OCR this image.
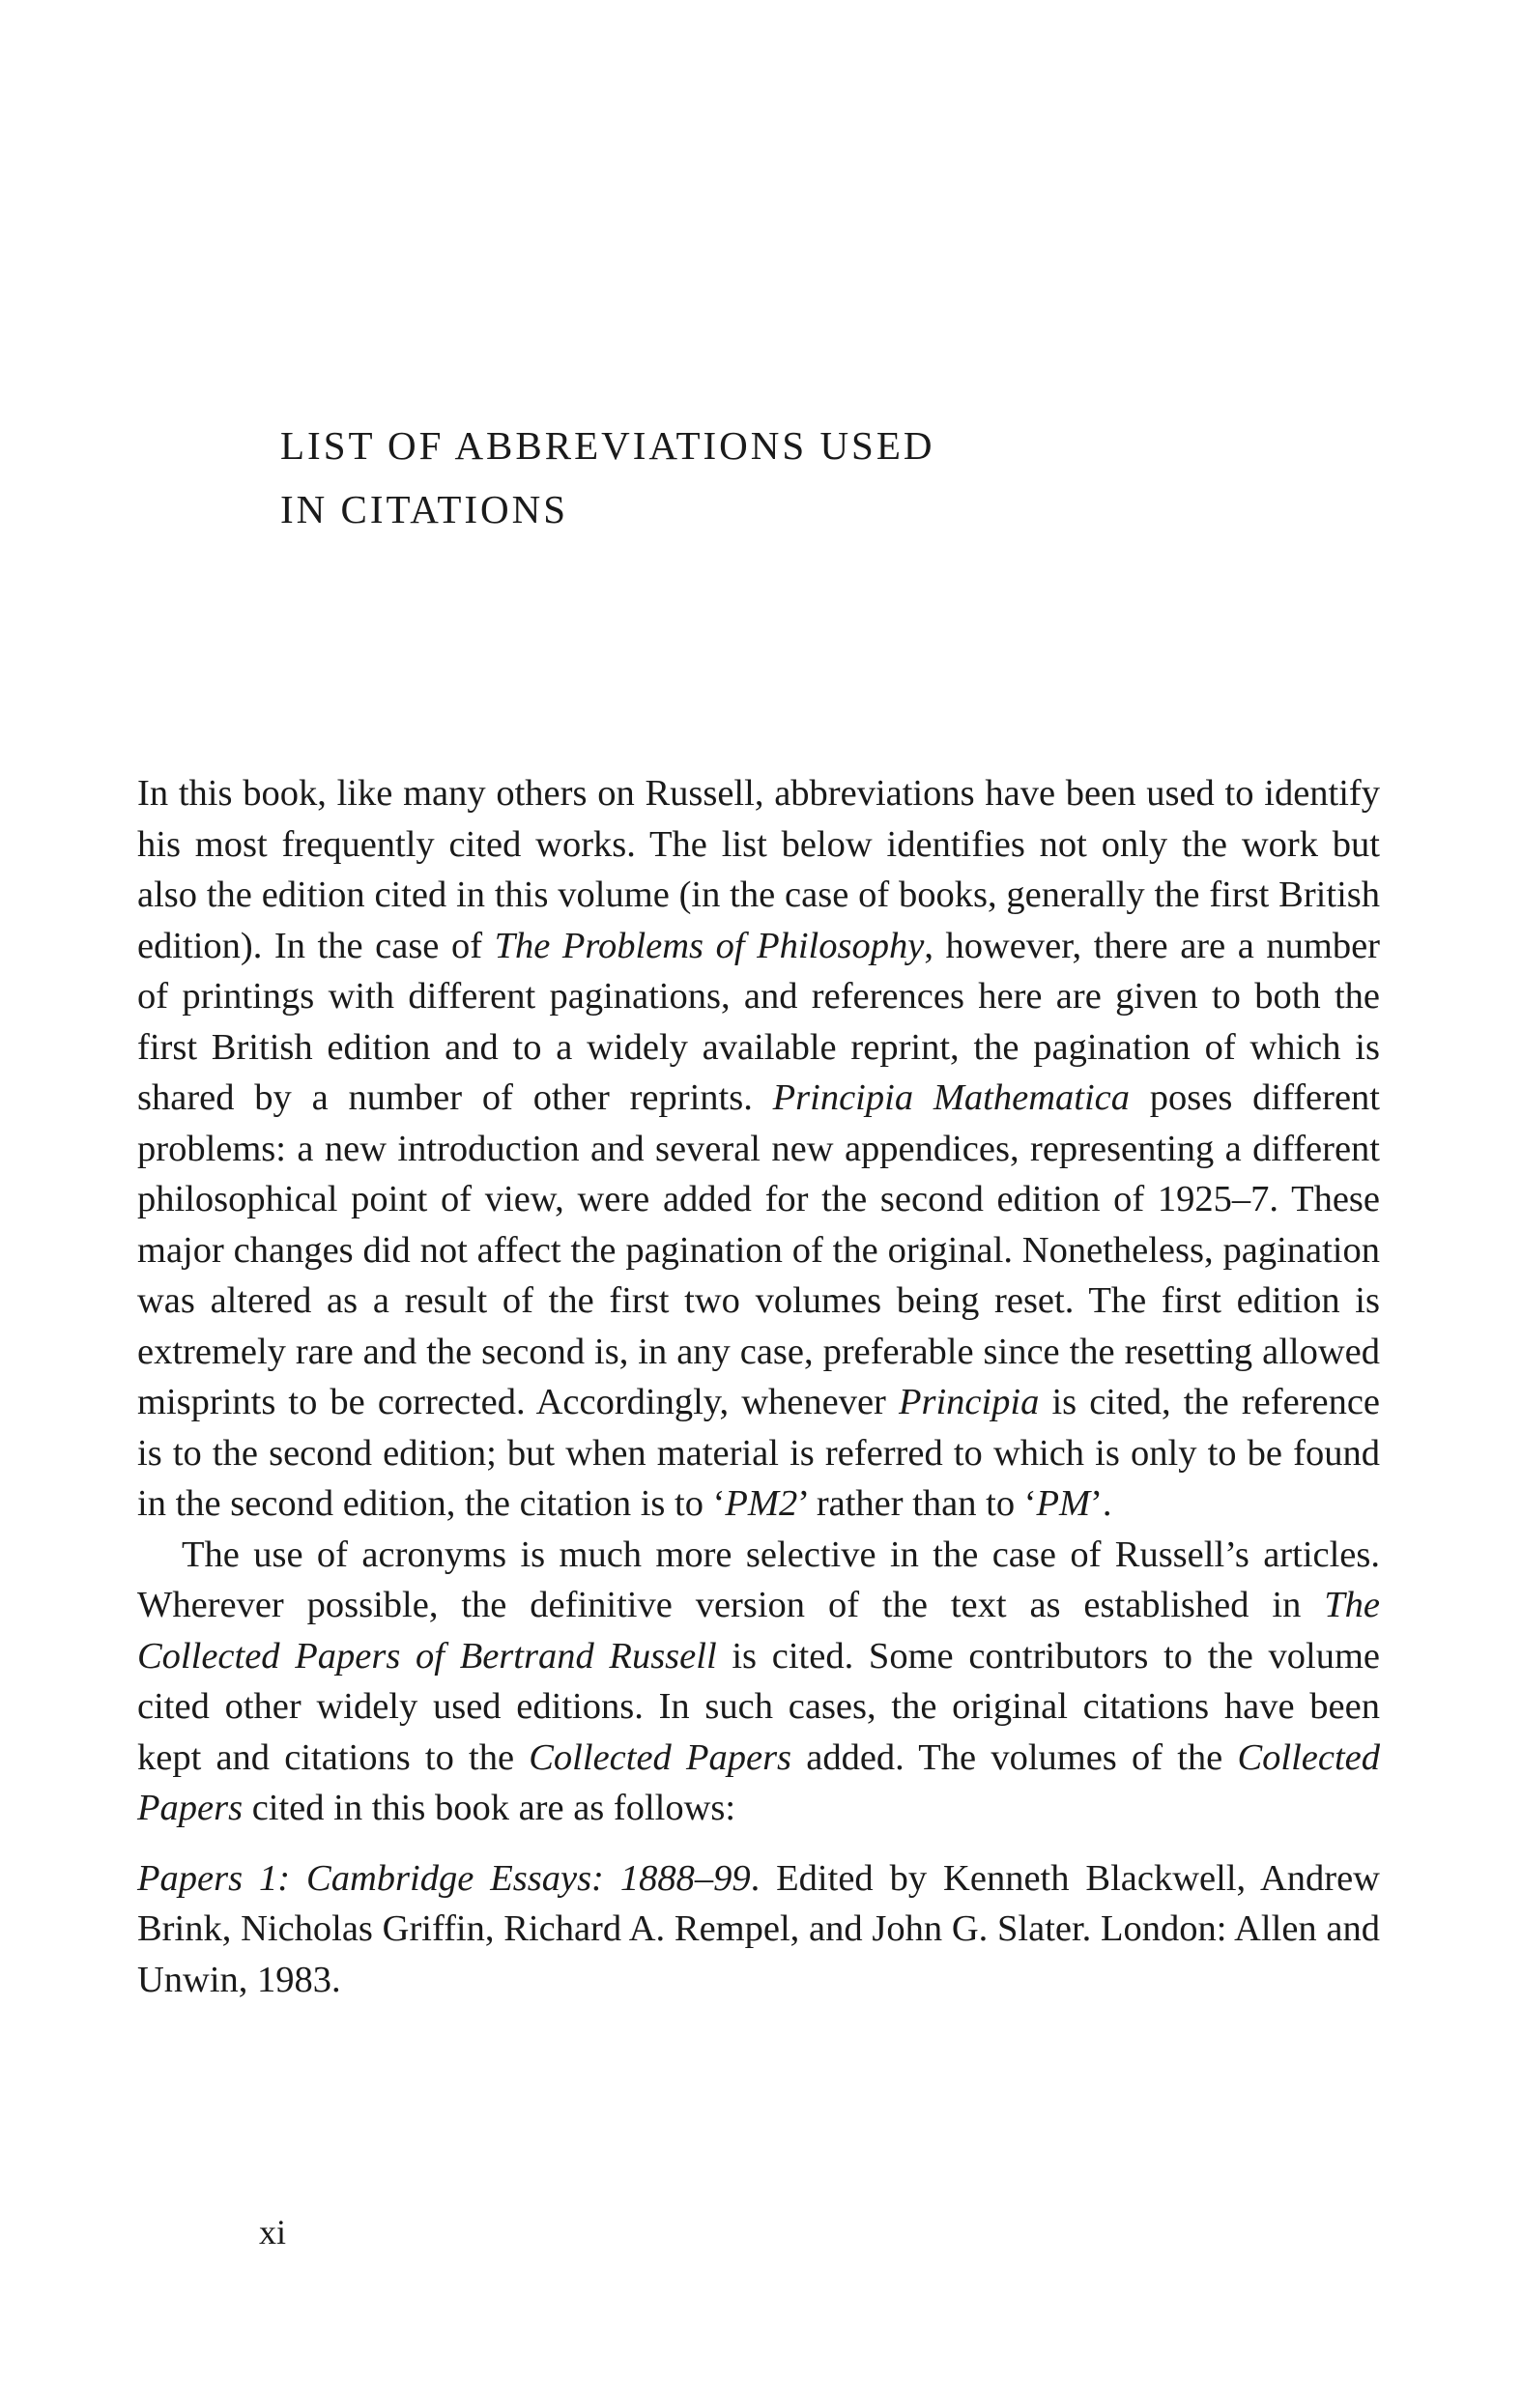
LIST OF ABBREVIATIONS USED
IN CITATIONS

In this book, like many others on Russell, abbreviations have been used to identify his most frequently cited works. The list below identifies not only the work but also the edition cited in this volume (in the case of books, generally the first British edition). In the case of The Problems of Philosophy, however, there are a number of printings with different paginations, and references here are given to both the first British edition and to a widely available reprint, the pagination of which is shared by a number of other reprints. Principia Mathematica poses different problems: a new introduction and several new appendices, representing a different philosophical point of view, were added for the second edition of 1925–7. These major changes did not affect the pagination of the original. Nonetheless, pagination was altered as a result of the first two volumes being reset. The first edition is extremely rare and the second is, in any case, preferable since the resetting allowed misprints to be corrected. Accordingly, whenever Principia is cited, the reference is to the second edition; but when material is referred to which is only to be found in the second edition, the citation is to ‘PM2’ rather than to ‘PM’.

The use of acronyms is much more selective in the case of Russell’s articles. Wherever possible, the definitive version of the text as established in The Collected Papers of Bertrand Russell is cited. Some contributors to the volume cited other widely used editions. In such cases, the original citations have been kept and citations to the Collected Papers added. The volumes of the Collected Papers cited in this book are as follows:

Papers 1: Cambridge Essays: 1888–99. Edited by Kenneth Blackwell, Andrew Brink, Nicholas Griffin, Richard A. Rempel, and John G. Slater. London: Allen and Unwin, 1983.

xi
